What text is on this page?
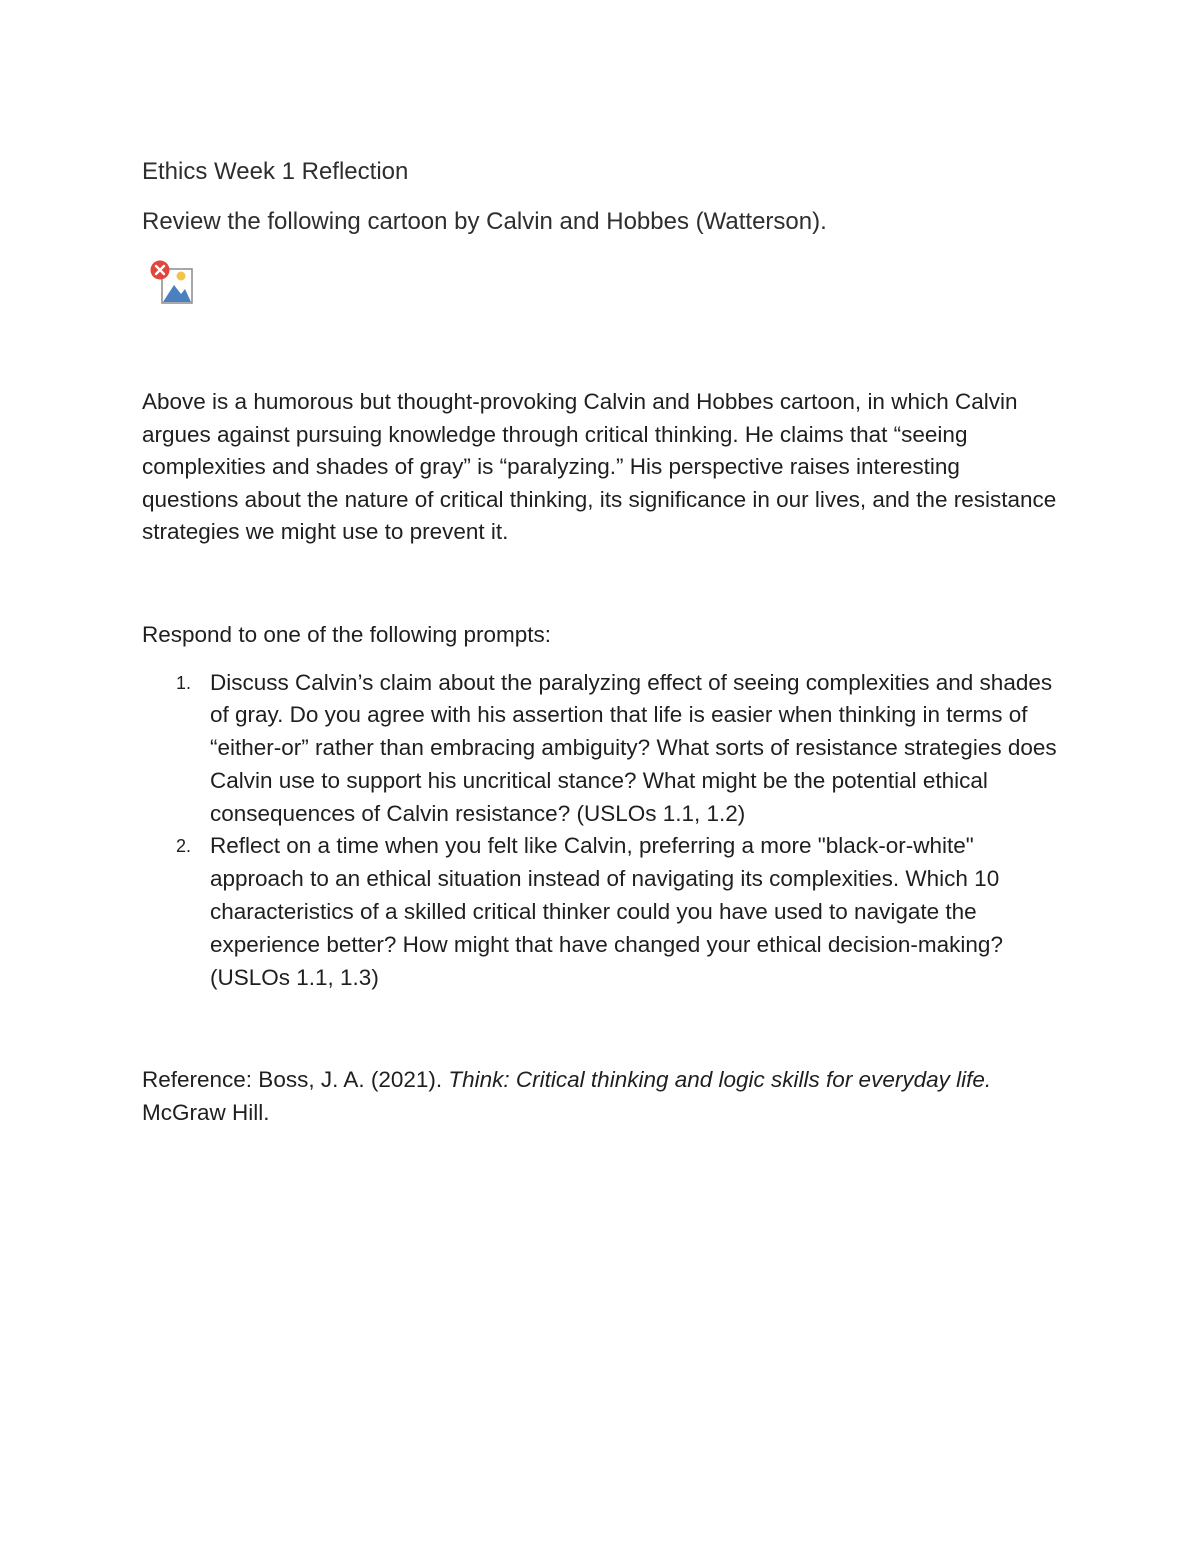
Ethics Week 1 Reflection

Review the following cartoon by Calvin and Hobbes (Watterson).

Above is a humorous but thought-provoking Calvin and Hobbes cartoon, in which Calvin argues against pursuing knowledge through critical thinking. He claims that “seeing complexities and shades of gray” is “paralyzing.” His perspective raises interesting questions about the nature of critical thinking, its significance in our lives, and the resistance strategies we might use to prevent it.

Respond to one of the following prompts:

1. Discuss Calvin’s claim about the paralyzing effect of seeing complexities and shades of gray. Do you agree with his assertion that life is easier when thinking in terms of “either-or” rather than embracing ambiguity? What sorts of resistance strategies does Calvin use to support his uncritical stance? What might be the potential ethical consequences of Calvin resistance? (USLOs 1.1, 1.2)
2. Reflect on a time when you felt like Calvin, preferring a more "black-or-white" approach to an ethical situation instead of navigating its complexities. Which 10 characteristics of a skilled critical thinker could you have used to navigate the experience better? How might that have changed your ethical decision-making? (USLOs 1.1, 1.3)

Reference: Boss, J. A. (2021). Think: Critical thinking and logic skills for everyday life. McGraw Hill.
